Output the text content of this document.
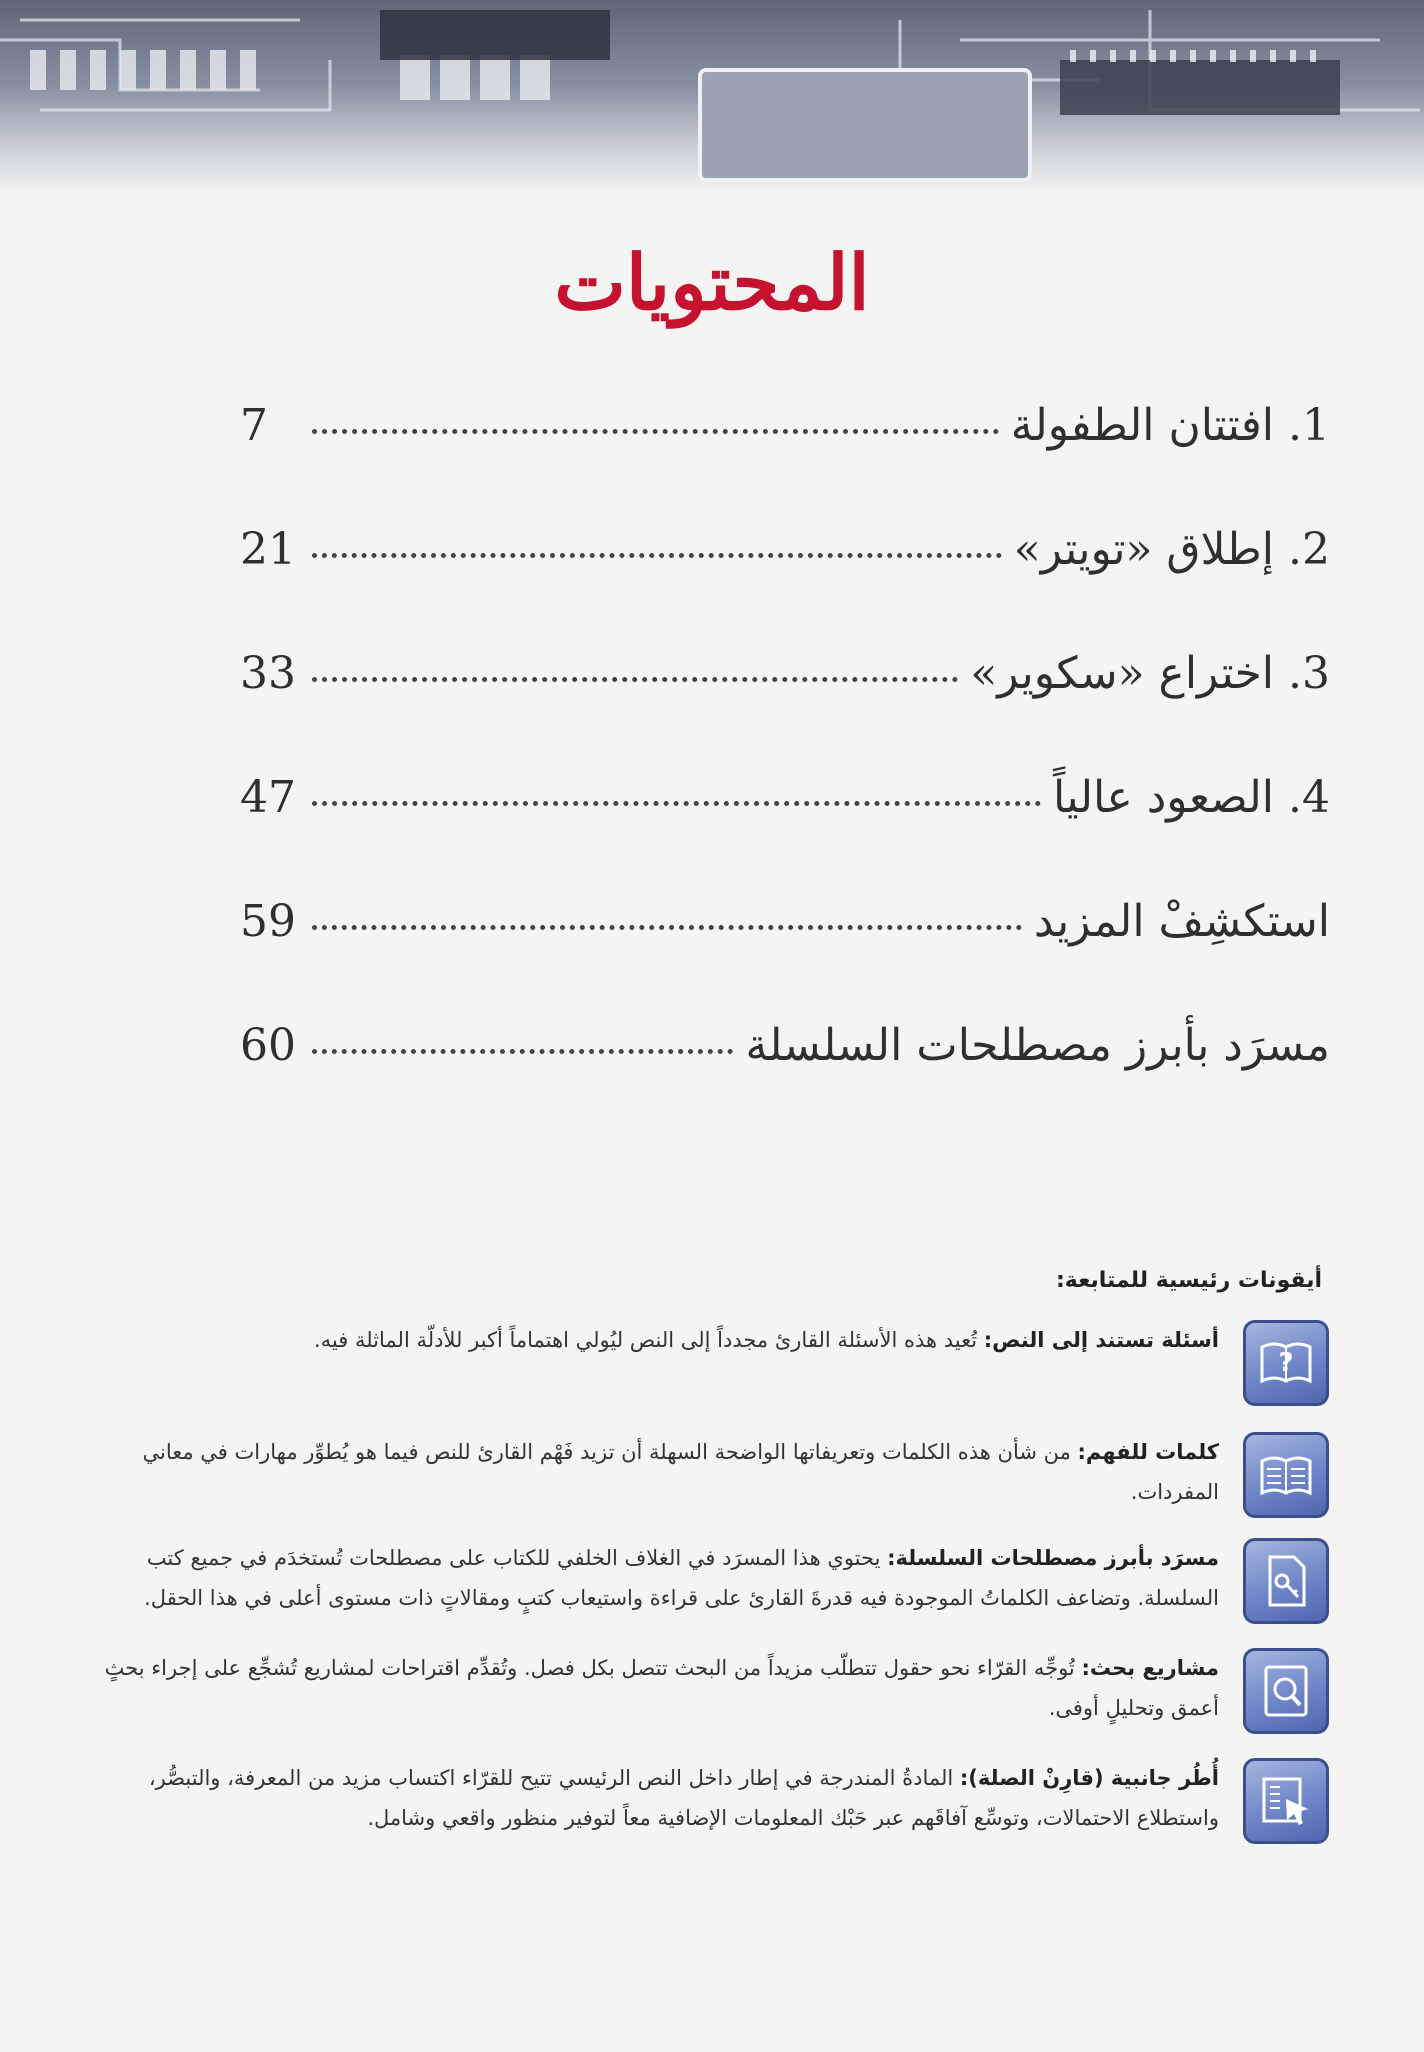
المحتويات
1. افتتان الطفولة
7
2. إطلاق «تويتر»
21
3. اختراع «سكوير»
33
4. الصعود عالياً
47
استكشِفْ المزيد
59
مسرَد بأبرز مصطلحات السلسلة
60
أيقونات رئيسية للمتابعة:
?
أسئلة تستند إلى النص: تُعيد هذه الأسئلة القارئ مجدداً إلى النص ليُولي اهتماماً أكبر للأدلّة الماثلة فيه.
كلمات للفهم: من شأن هذه الكلمات وتعريفاتها الواضحة السهلة أن تزيد فَهْم القارئ للنص فيما هو يُطوِّر مهارات في معاني المفردات.
مسرَد بأبرز مصطلحات السلسلة: يحتوي هذا المسرَد في الغلاف الخلفي للكتاب على مصطلحات تُستخدَم في جميع كتب السلسلة. وتضاعف الكلماتُ الموجودة فيه قدرةَ القارئ على قراءة واستيعاب كتبٍ ومقالاتٍ ذات مستوى أعلى في هذا الحقل.
مشاريع بحث: تُوجِّه القرّاء نحو حقول تتطلّب مزيداً من البحث تتصل بكل فصل. وتُقدِّم اقتراحات لمشاريع تُشجِّع على إجراء بحثٍ أعمق وتحليلٍ أوفى.
أُطُر جانبية (قارِنْ الصلة): المادةُ المندرجة في إطار داخل النص الرئيسي تتيح للقرّاء اكتساب مزيد من المعرفة، والتبصُّر، واستطلاع الاحتمالات، وتوسِّع آفاقَهم عبر حَبْك المعلومات الإضافية معاً لتوفير منظور واقعي وشامل.
